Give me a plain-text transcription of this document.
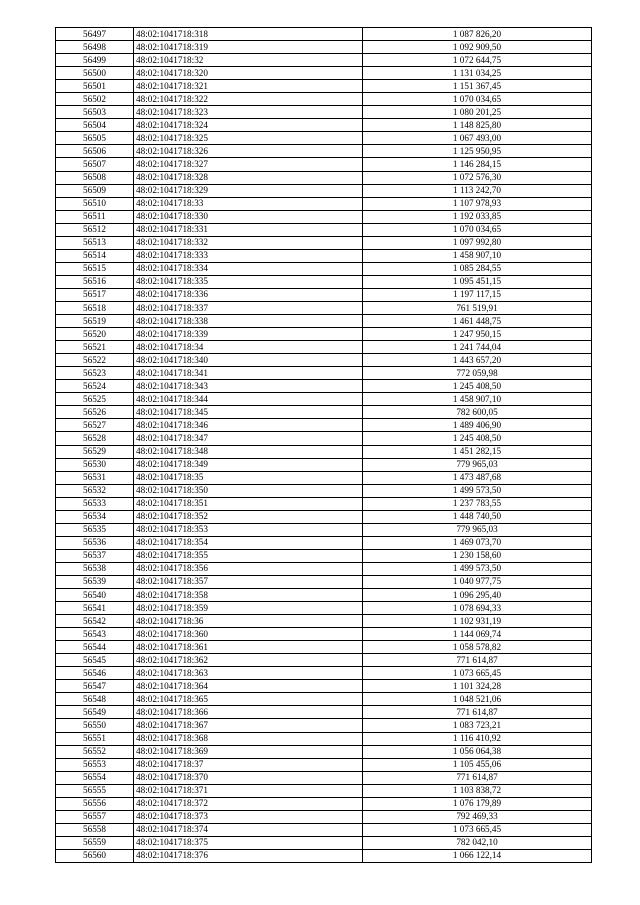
56497	48:02:1041718:318	1 087 826,20
56498	48:02:1041718:319	1 092 909,50
56499	48:02:1041718:32	1 072 644,75
56500	48:02:1041718:320	1 131 034,25
56501	48:02:1041718:321	1 151 367,45
56502	48:02:1041718:322	1 070 034,65
56503	48:02:1041718:323	1 080 201,25
56504	48:02:1041718:324	1 148 825,80
56505	48:02:1041718:325	1 067 493,00
56506	48:02:1041718:326	1 125 950,95
56507	48:02:1041718:327	1 146 284,15
56508	48:02:1041718:328	1 072 576,30
56509	48:02:1041718:329	1 113 242,70
56510	48:02:1041718:33	1 107 978,93
56511	48:02:1041718:330	1 192 033,85
56512	48:02:1041718:331	1 070 034,65
56513	48:02:1041718:332	1 097 992,80
56514	48:02:1041718:333	1 458 907,10
56515	48:02:1041718:334	1 085 284,55
56516	48:02:1041718:335	1 095 451,15
56517	48:02:1041718:336	1 197 117,15
56518	48:02:1041718:337	761 519,91
56519	48:02:1041718:338	1 461 448,75
56520	48:02:1041718:339	1 247 950,15
56521	48:02:1041718:34	1 241 744,04
56522	48:02:1041718:340	1 443 657,20
56523	48:02:1041718:341	772 059,98
56524	48:02:1041718:343	1 245 408,50
56525	48:02:1041718:344	1 458 907,10
56526	48:02:1041718:345	782 600,05
56527	48:02:1041718:346	1 489 406,90
56528	48:02:1041718:347	1 245 408,50
56529	48:02:1041718:348	1 451 282,15
56530	48:02:1041718:349	779 965,03
56531	48:02:1041718:35	1 473 487,68
56532	48:02:1041718:350	1 499 573,50
56533	48:02:1041718:351	1 237 783,55
56534	48:02:1041718:352	1 448 740,50
56535	48:02:1041718:353	779 965,03
56536	48:02:1041718:354	1 469 073,70
56537	48:02:1041718:355	1 230 158,60
56538	48:02:1041718:356	1 499 573,50
56539	48:02:1041718:357	1 040 977,75
56540	48:02:1041718:358	1 096 295,40
56541	48:02:1041718:359	1 078 694,33
56542	48:02:1041718:36	1 102 931,19
56543	48:02:1041718:360	1 144 069,74
56544	48:02:1041718:361	1 058 578,82
56545	48:02:1041718:362	771 614,87
56546	48:02:1041718:363	1 073 665,45
56547	48:02:1041718:364	1 101 324,28
56548	48:02:1041718:365	1 048 521,06
56549	48:02:1041718:366	771 614,87
56550	48:02:1041718:367	1 083 723,21
56551	48:02:1041718:368	1 116 410,92
56552	48:02:1041718:369	1 056 064,38
56553	48:02:1041718:37	1 105 455,06
56554	48:02:1041718:370	771 614,87
56555	48:02:1041718:371	1 103 838,72
56556	48:02:1041718:372	1 076 179,89
56557	48:02:1041718:373	792 469,33
56558	48:02:1041718:374	1 073 665,45
56559	48:02:1041718:375	782 042,10
56560	48:02:1041718:376	1 066 122,14
